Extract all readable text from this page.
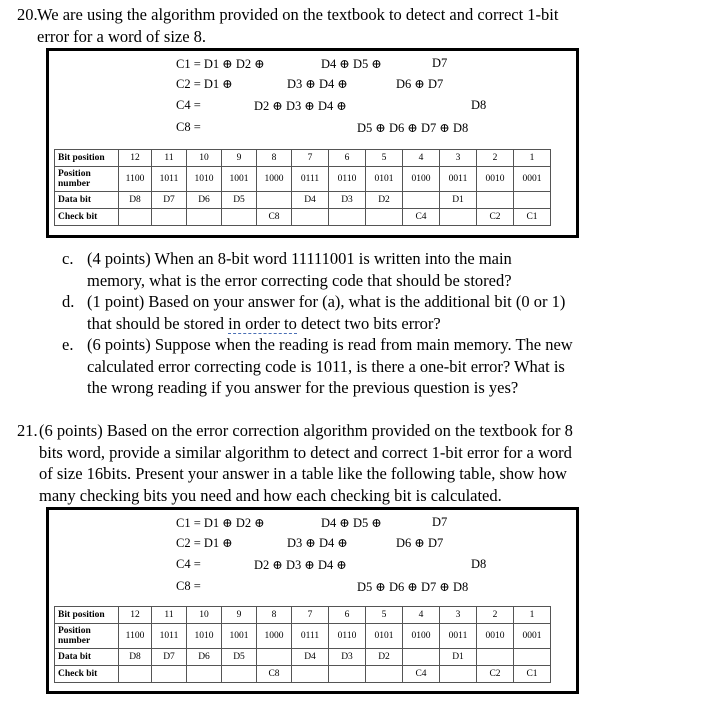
20. We are using the algorithm provided on the textbook to detect and correct 1-bit
error for a word of size 8.
C1 = D1 ⊕ D2 ⊕	D4 ⊕ D5 ⊕	D7
C2 = D1 ⊕	D3 ⊕ D4 ⊕	D6 ⊕ D7
C4 =	D2 ⊕ D3 ⊕ D4 ⊕	D8
C8 =	D5 ⊕ D6 ⊕ D7 ⊕ D8
Bit position	12	11	10	9	8	7	6	5	4	3	2	1
Position number	1100	1011	1010	1001	1000	0111	0110	0101	0100	0011	0010	0001
Data bit	D8	D7	D6	D5		D4	D3	D2		D1		
Check bit					C8				C4		C2	C1
c. (4 points) When an 8-bit word 11111001 is written into the main
memory, what is the error correcting code that should be stored?
d. (1 point) Based on your answer for (a), what is the additional bit (0 or 1)
that should be stored in order to detect two bits error?
e. (6 points) Suppose when the reading is read from main memory. The new
calculated error correcting code is 1011, is there a one-bit error? What is
the wrong reading if you answer for the previous question is yes?
21. (6 points) Based on the error correction algorithm provided on the textbook for 8
bits word, provide a similar algorithm to detect and correct 1-bit error for a word
of size 16bits. Present your answer in a table like the following table, show how
many checking bits you need and how each checking bit is calculated.
C1 = D1 ⊕ D2 ⊕	D4 ⊕ D5 ⊕	D7
C2 = D1 ⊕	D3 ⊕ D4 ⊕	D6 ⊕ D7
C4 =	D2 ⊕ D3 ⊕ D4 ⊕	D8
C8 =	D5 ⊕ D6 ⊕ D7 ⊕ D8
Bit position	12	11	10	9	8	7	6	5	4	3	2	1
Position number	1100	1011	1010	1001	1000	0111	0110	0101	0100	0011	0010	0001
Data bit	D8	D7	D6	D5		D4	D3	D2		D1		
Check bit					C8				C4		C2	C1
